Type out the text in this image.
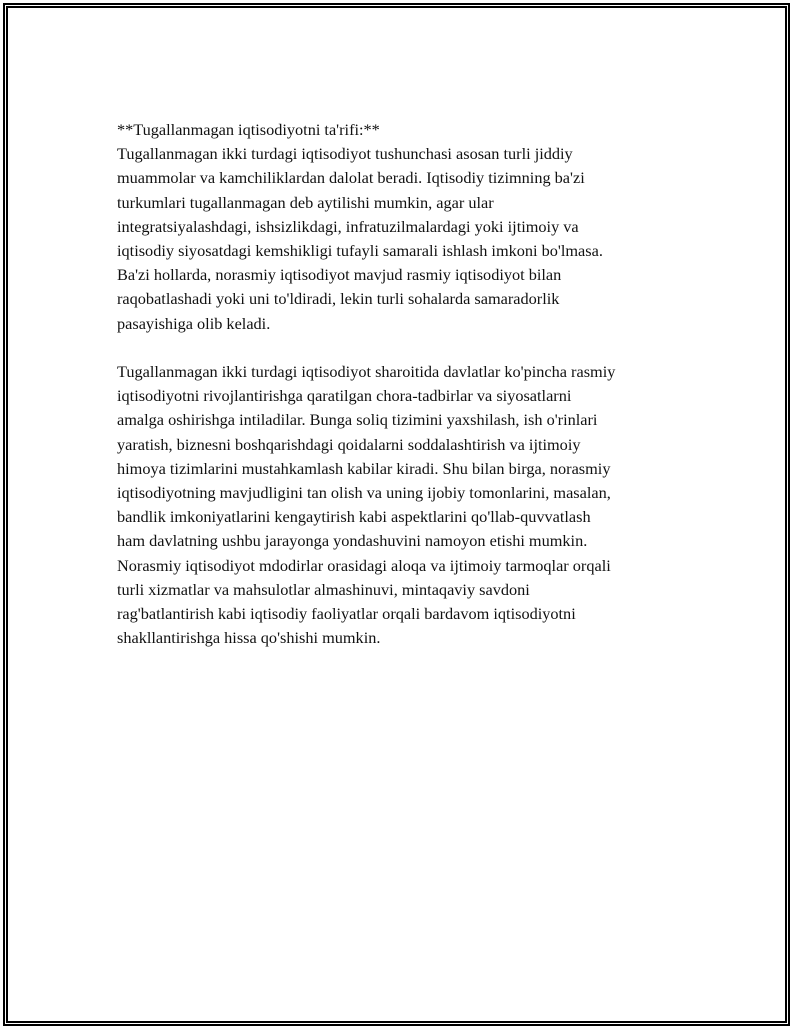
**Tugallanmagan iqtisodiyotni ta'rifi:**

Tugallanmagan ikki turdagi iqtisodiyot tushunchasi asosan turli jiddiy
muammolar va kamchiliklardan dalolat beradi. Iqtisodiy tizimning ba'zi
turkumlari tugallanmagan deb aytilishi mumkin, agar ular
integratsiyalashdagi, ishsizlikdagi, infratuzilmalardagi yoki ijtimoiy va
iqtisodiy siyosatdagi kemshikligi tufayli samarali ishlash imkoni bo'lmasa.
Ba'zi hollarda, norasmiy iqtisodiyot mavjud rasmiy iqtisodiyot bilan
raqobatlashadi yoki uni to'ldiradi, lekin turli sohalarda samaradorlik
pasayishiga olib keladi.

Tugallanmagan ikki turdagi iqtisodiyot sharoitida davlatlar ko'pincha rasmiy
iqtisodiyotni rivojlantirishga qaratilgan chora-tadbirlar va siyosatlarni
amalga oshirishga intiladilar. Bunga soliq tizimini yaxshilash, ish o'rinlari
yaratish, biznesni boshqarishdagi qoidalarni soddalashtirish va ijtimoiy
himoya tizimlarini mustahkamlash kabilar kiradi. Shu bilan birga, norasmiy
iqtisodiyotning mavjudligini tan olish va uning ijobiy tomonlarini, masalan,
bandlik imkoniyatlarini kengaytirish kabi aspektlarini qo'llab-quvvatlash
ham davlatning ushbu jarayonga yondashuvini namoyon etishi mumkin.
Norasmiy iqtisodiyot mdodirlar orasidagi aloqa va ijtimoiy tarmoqlar orqali
turli xizmatlar va mahsulotlar almashinuvi, mintaqaviy savdoni
rag'batlantirish kabi iqtisodiy faoliyatlar orqali bardavom iqtisodiyotni
shakllantirishga hissa qo'shishi mumkin.
